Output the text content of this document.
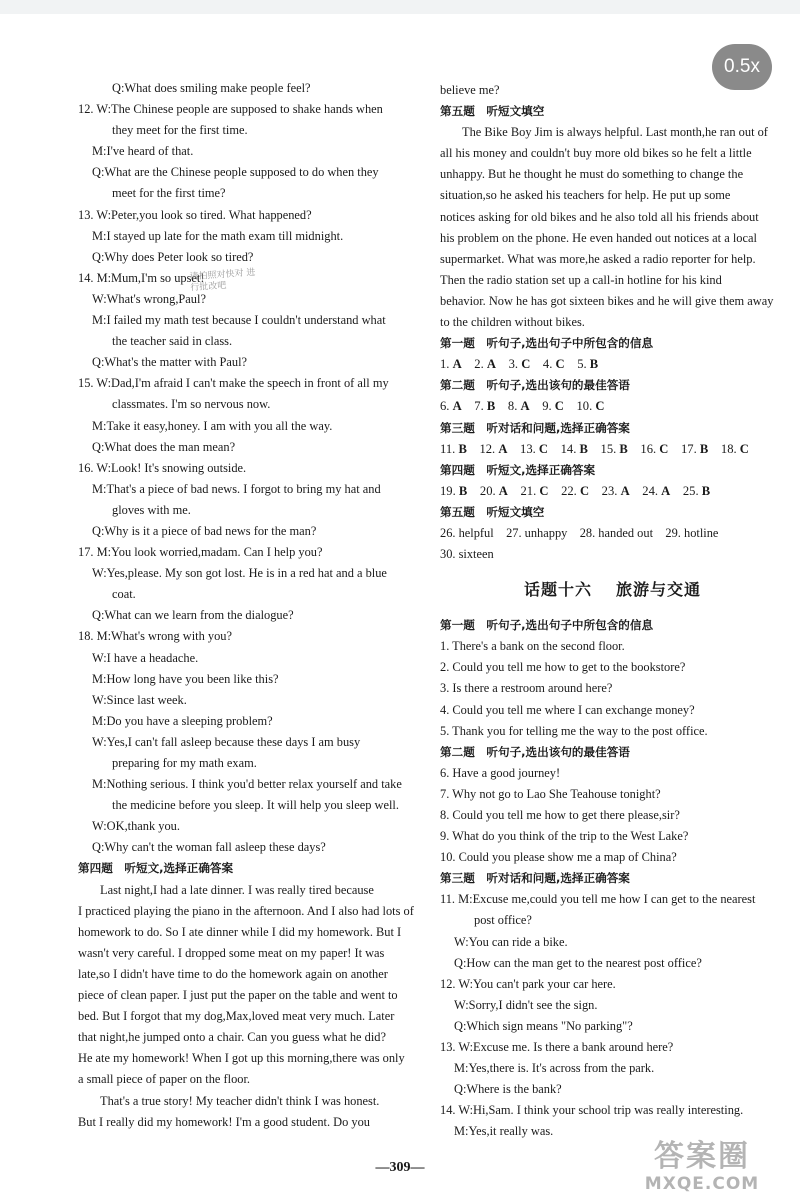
0.5x
Q:What does smiling make people feel?
12. W:The Chinese people are supposed to shake hands when
they meet for the first time.
M:I've heard of that.
Q:What are the Chinese people supposed to do when they
meet for the first time?
13. W:Peter,you look so tired. What happened?
M:I stayed up late for the math exam till midnight.
Q:Why does Peter look so tired?
14. M:Mum,I'm so upset!
W:What's wrong,Paul?
M:I failed my math test because I couldn't understand what
the teacher said in class.
Q:What's the matter with Paul?
15. W:Dad,I'm afraid I can't make the speech in front of all my
classmates. I'm so nervous now.
M:Take it easy,honey. I am with you all the way.
Q:What does the man mean?
16. W:Look! It's snowing outside.
M:That's a piece of bad news. I forgot to bring my hat and
gloves with me.
Q:Why is it a piece of bad news for the man?
17. M:You look worried,madam. Can I help you?
W:Yes,please. My son got lost. He is in a red hat and a blue
coat.
Q:What can we learn from the dialogue?
18. M:What's wrong with you?
W:I have a headache.
M:How long have you been like this?
W:Since last week.
M:Do you have a sleeping problem?
W:Yes,I can't fall asleep because these days I am busy
preparing for my math exam.
M:Nothing serious. I think you'd better relax yourself and take
the medicine before you sleep. It will help you sleep well.
W:OK,thank you.
Q:Why can't the woman fall asleep these days?
第四题　听短文,选择正确答案
Last night,I had a late dinner. I was really tired because
I practiced playing the piano in the afternoon. And I also had lots of
homework to do. So I ate dinner while I did my homework. But I
wasn't very careful. I dropped some meat on my paper! It was
late,so I didn't have time to do the homework again on another
piece of clean paper. I just put the paper on the table and went to
bed. But I forgot that my dog,Max,loved meat very much. Later
that night,he jumped onto a chair. Can you guess what he did?
He ate my homework! When I got up this morning,there was only
a small piece of paper on the floor.
That's a true story! My teacher didn't think I was honest.
But I really did my homework! I'm a good student. Do you
believe me?
第五题　听短文填空
The Bike Boy Jim is always helpful. Last month,he ran out of
all his money and couldn't buy more old bikes so he felt a little
unhappy. But he thought he must do something to change the
situation,so he asked his teachers for help. He put up some
notices asking for old bikes and he also told all his friends about
his problem on the phone. He even handed out notices at a local
supermarket. What was more,he asked a radio reporter for help.
Then the radio station set up a call-in hotline for his kind
behavior. Now he has got sixteen bikes and he will give them away
to the children without bikes.
第一题　听句子,选出句子中所包含的信息
1. A　2. A　3. C　4. C　5. B
第二题　听句子,选出该句的最佳答语
6. A　7. B　8. A　9. C　10. C
第三题　听对话和问题,选择正确答案
11. B　12. A　13. C　14. B　15. B　16. C　17. B　18. C
第四题　听短文,选择正确答案
19. B　20. A　21. C　22. C　23. A　24. A　25. B
第五题　听短文填空
26. helpful　27. unhappy　28. handed out　29. hotline
30. sixteen
话题十六 旅游与交通
第一题　听句子,选出句子中所包含的信息
1. There's a bank on the second floor.
2. Could you tell me how to get to the bookstore?
3. Is there a restroom around here?
4. Could you tell me where I can exchange money?
5. Thank you for telling me the way to the post office.
第二题　听句子,选出该句的最佳答语
6. Have a good journey!
7. Why not go to Lao She Teahouse tonight?
8. Could you tell me how to get there please,sir?
9. What do you think of the trip to the West Lake?
10. Could you please show me a map of China?
第三题　听对话和问题,选择正确答案
11. M:Excuse me,could you tell me how I can get to the nearest
post office?
W:You can ride a bike.
Q:How can the man get to the nearest post office?
12. W:You can't park your car here.
W:Sorry,I didn't see the sign.
Q:Which sign means "No parking"?
13. W:Excuse me. Is there a bank around here?
M:Yes,there is. It's across from the park.
Q:Where is the bank?
14. W:Hi,Sam. I think your school trip was really interesting.
M:Yes,it really was.
请拍照对快对 进行批改吧
—309—	答案圈
MXQE.COM
